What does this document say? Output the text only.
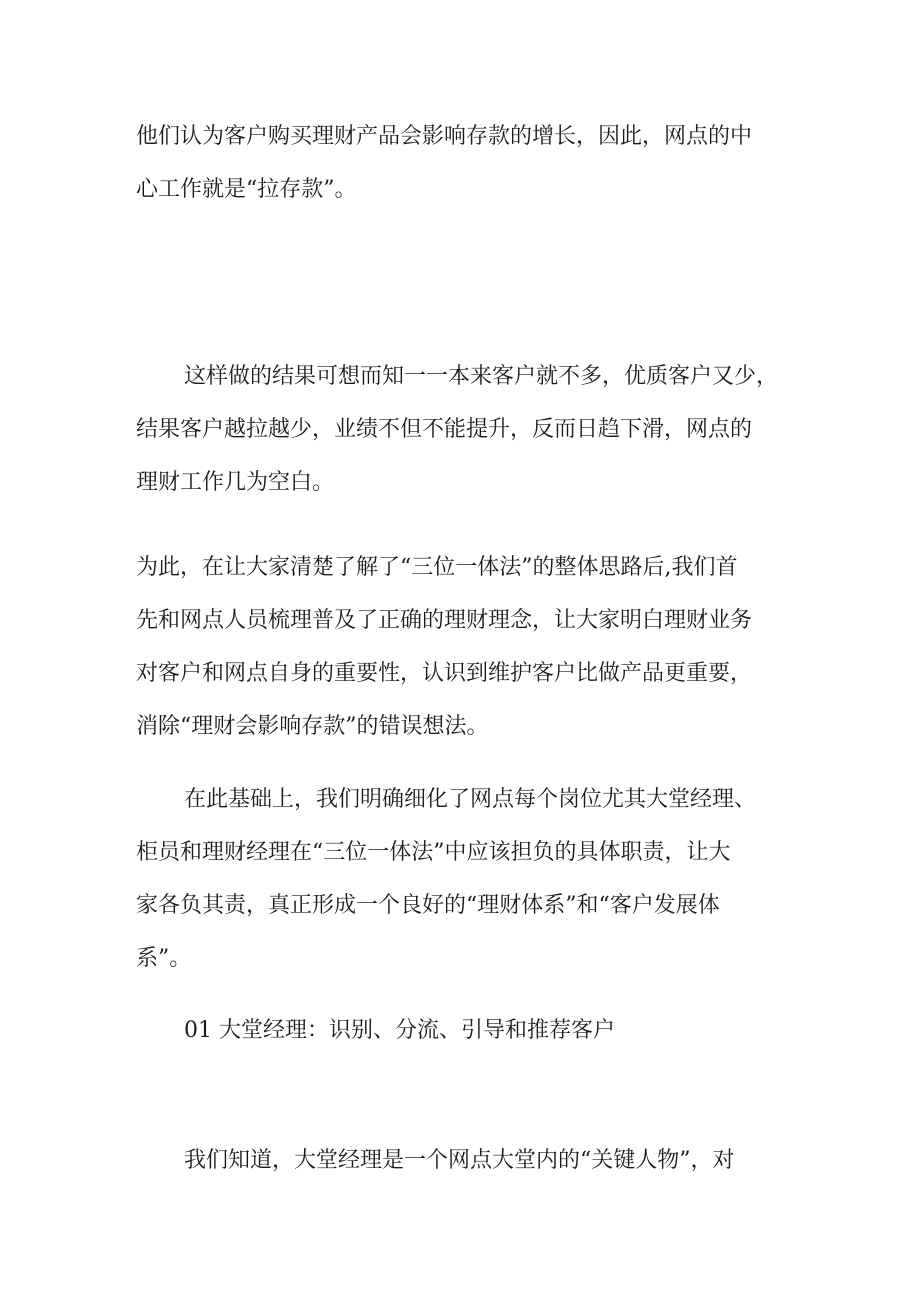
他们认为客户购买理财产品会影响存款的增长，因此，网点的中
心工作就是“拉存款”。

这样做的结果可想而知一一本来客户就不多，优质客户又少，
结果客户越拉越少，业绩不但不能提升，反而日趋下滑，网点的
理财工作几为空白。

为此，在让大家清楚了解了“三位一体法”的整体思路后,我们首
先和网点人员梳理普及了正确的理财理念，让大家明白理财业务
对客户和网点自身的重要性，认识到维护客户比做产品更重要，
消除“理财会影响存款”的错误想法。

在此基础上，我们明确细化了网点每个岗位尤其大堂经理、
柜员和理财经理在“三位一体法”中应该担负的具体职责，让大
家各负其责，真正形成一个良好的“理财体系”和“客户发展体
系”。

01 大堂经理：识别、分流、引导和推荐客户

我们知道，大堂经理是一个网点大堂内的“关键人物”，对
